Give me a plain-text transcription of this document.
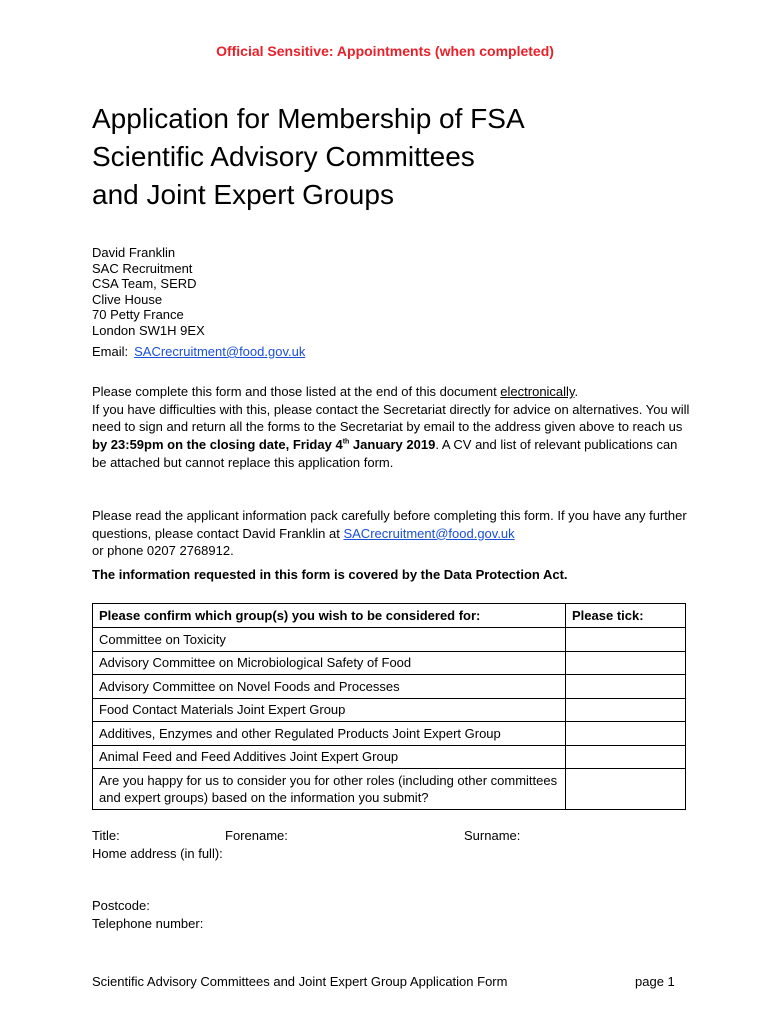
Official Sensitive: Appointments (when completed)
Application for Membership of FSA
Scientific Advisory Committees
and Joint Expert Groups
David Franklin
SAC Recruitment
CSA Team, SERD
Clive House
70 Petty France
London SW1H 9EX
Email: SACrecruitment@food.gov.uk
Please complete this form and those listed at the end of this document electronically.
If you have difficulties with this, please contact the Secretariat directly for advice on alternatives. You will need to sign and return all the forms to the Secretariat by email to the address given above to reach us by 23:59pm on the closing date, Friday 4th January 2019. A CV and list of relevant publications can be attached but cannot replace this application form.
Please read the applicant information pack carefully before completing this form. If you have any further questions, please contact David Franklin at SACrecruitment@food.gov.uk
or phone 0207 2768912.
The information requested in this form is covered by the Data Protection Act.
Please confirm which group(s) you wish to be considered for:	Please tick:
Committee on Toxicity	
Advisory Committee on Microbiological Safety of Food	
Advisory Committee on Novel Foods and Processes	
Food Contact Materials Joint Expert Group	
Additives, Enzymes and other Regulated Products Joint Expert Group	
Animal Feed and Feed Additives Joint Expert Group	
Are you happy for us to consider you for other roles (including other committees and expert groups) based on the information you submit?	
Title:	Forename:	Surname:
Home address (in full):
Postcode:
Telephone number:
Scientific Advisory Committees and Joint Expert Group Application Form	page 1
